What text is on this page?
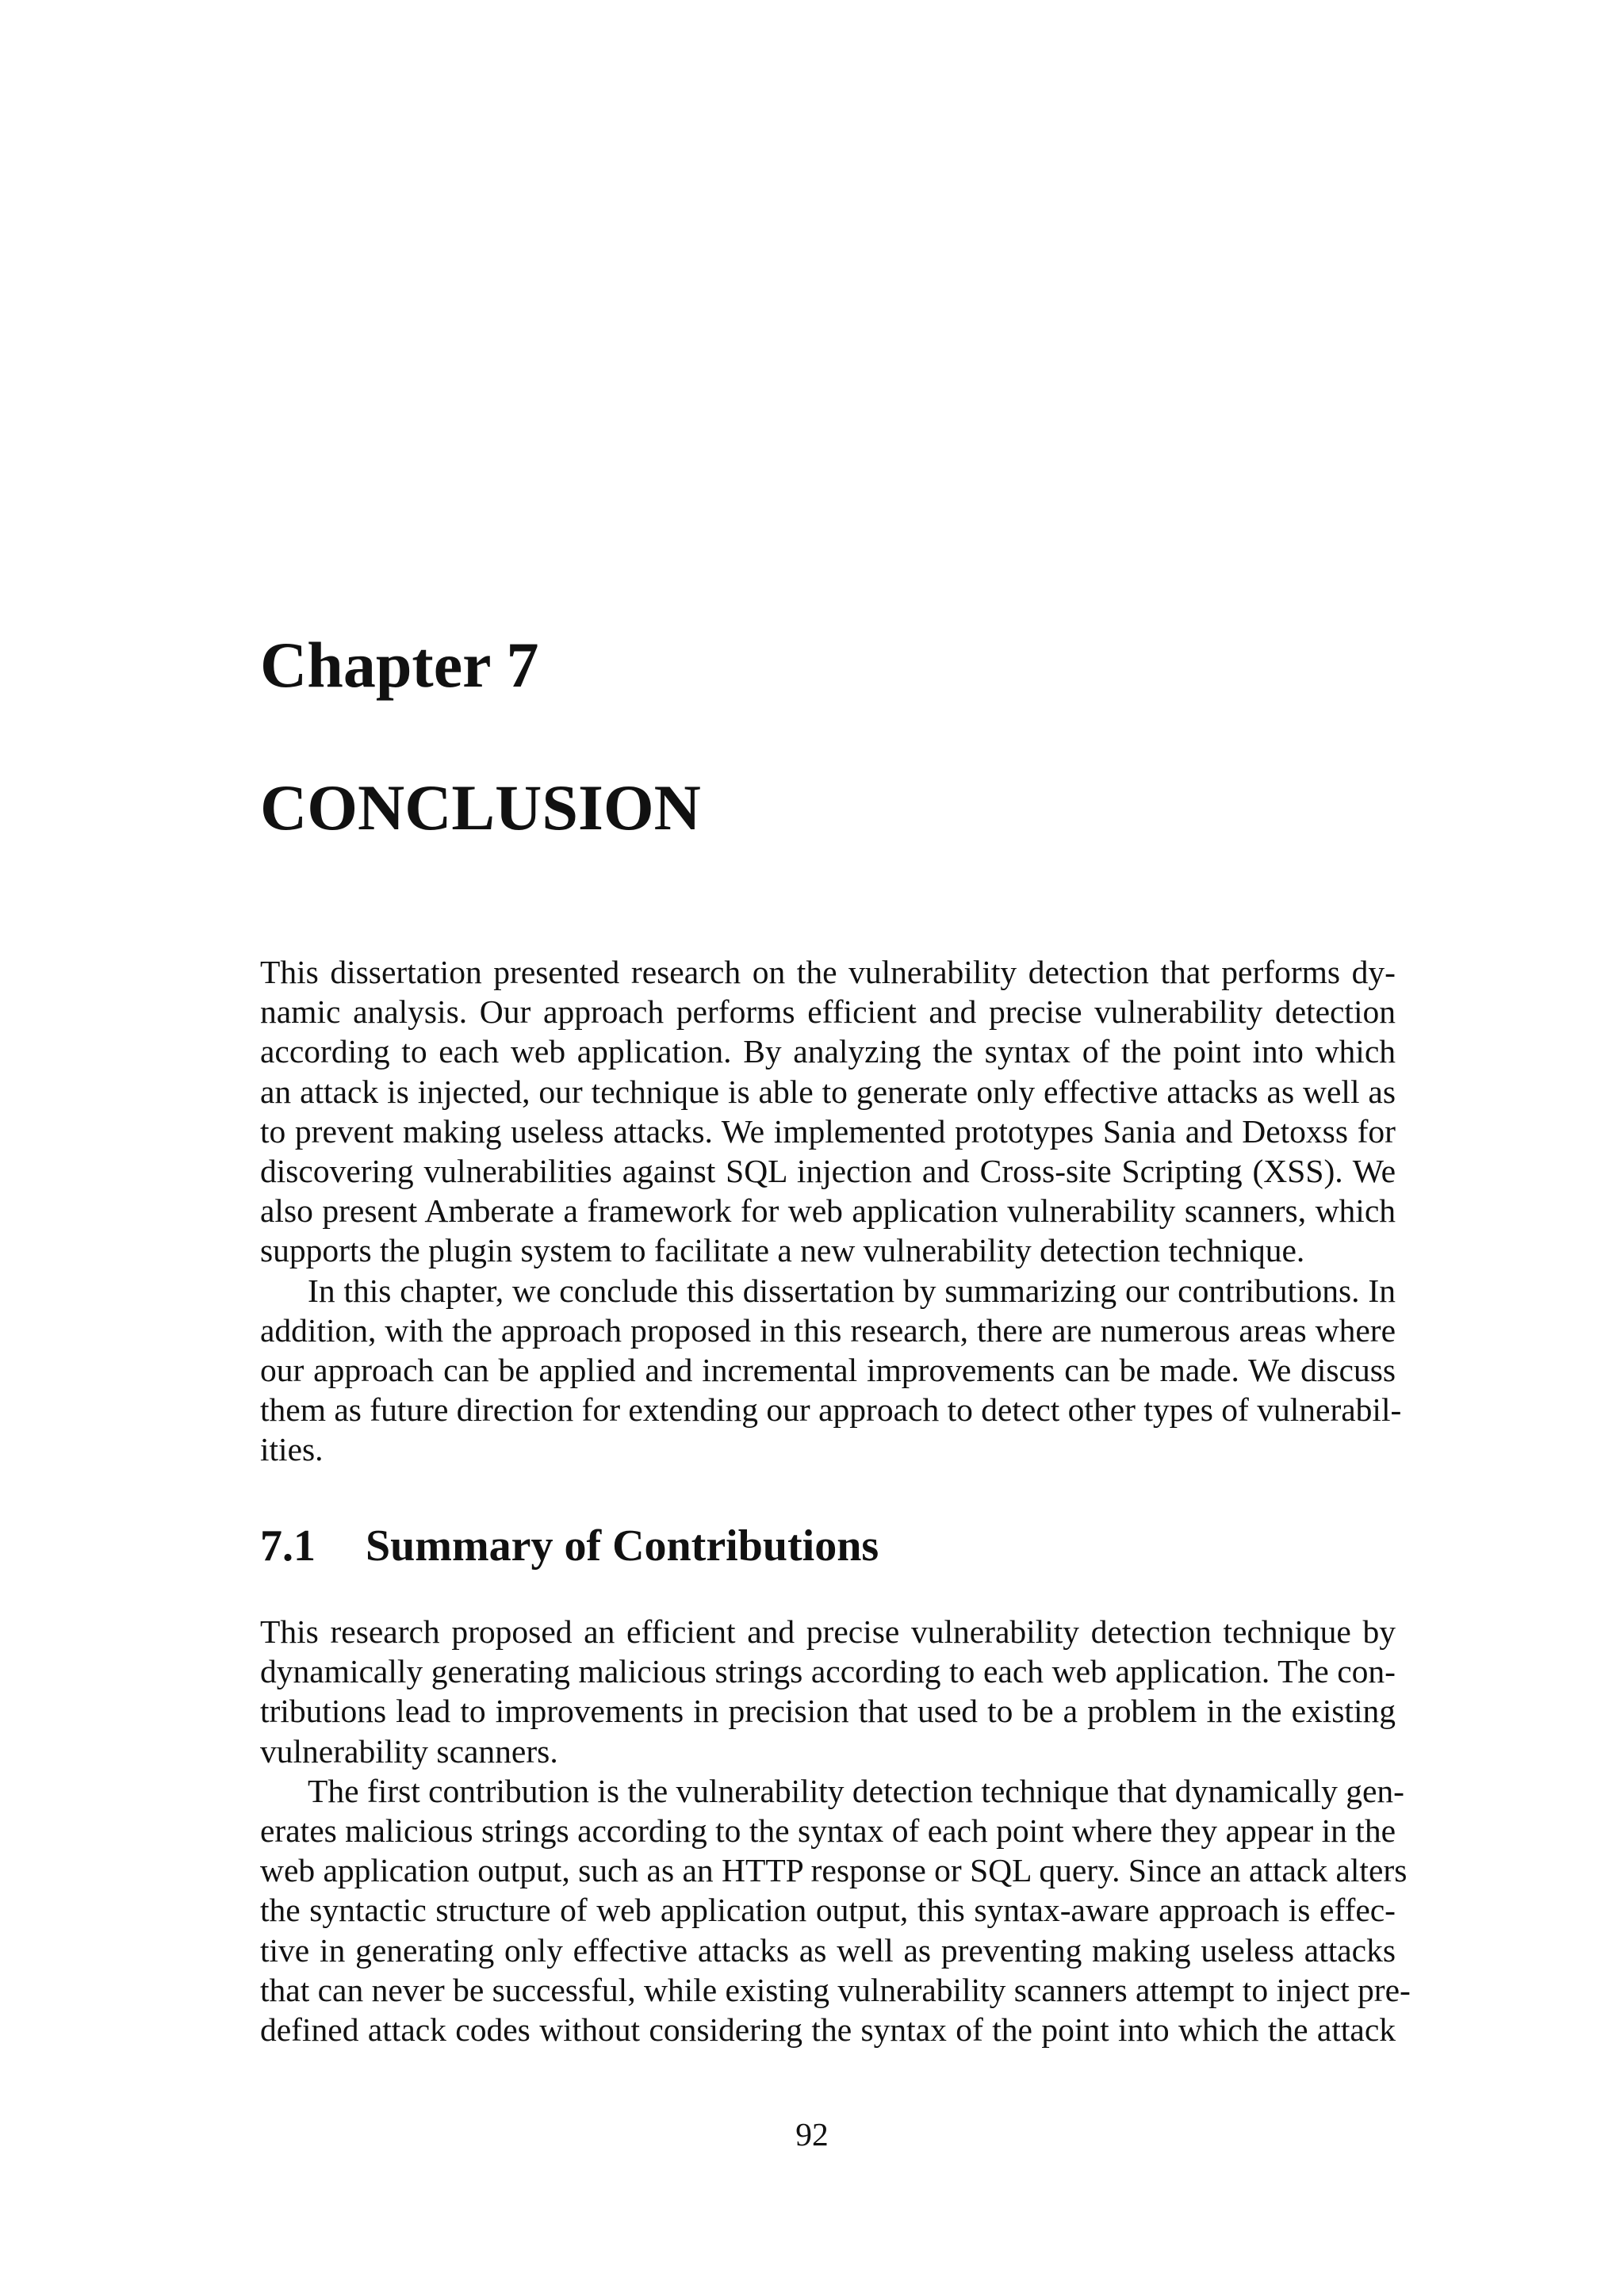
Chapter 7
CONCLUSION
This dissertation presented research on the vulnerability detection that performs dy-
namic analysis. Our approach performs efficient and precise vulnerability detection
according to each web application. By analyzing the syntax of the point into which
an attack is injected, our technique is able to generate only effective attacks as well as
to prevent making useless attacks. We implemented prototypes Sania and Detoxss for
discovering vulnerabilities against SQL injection and Cross-site Scripting (XSS). We
also present Amberate a framework for web application vulnerability scanners, which
supports the plugin system to facilitate a new vulnerability detection technique.
In this chapter, we conclude this dissertation by summarizing our contributions. In
addition, with the approach proposed in this research, there are numerous areas where
our approach can be applied and incremental improvements can be made. We discuss
them as future direction for extending our approach to detect other types of vulnerabil-
ities.
7.1 Summary of Contributions
This research proposed an efficient and precise vulnerability detection technique by
dynamically generating malicious strings according to each web application. The con-
tributions lead to improvements in precision that used to be a problem in the existing
vulnerability scanners.
The first contribution is the vulnerability detection technique that dynamically gen-
erates malicious strings according to the syntax of each point where they appear in the
web application output, such as an HTTP response or SQL query. Since an attack alters
the syntactic structure of web application output, this syntax-aware approach is effec-
tive in generating only effective attacks as well as preventing making useless attacks
that can never be successful, while existing vulnerability scanners attempt to inject pre-
defined attack codes without considering the syntax of the point into which the attack
92
